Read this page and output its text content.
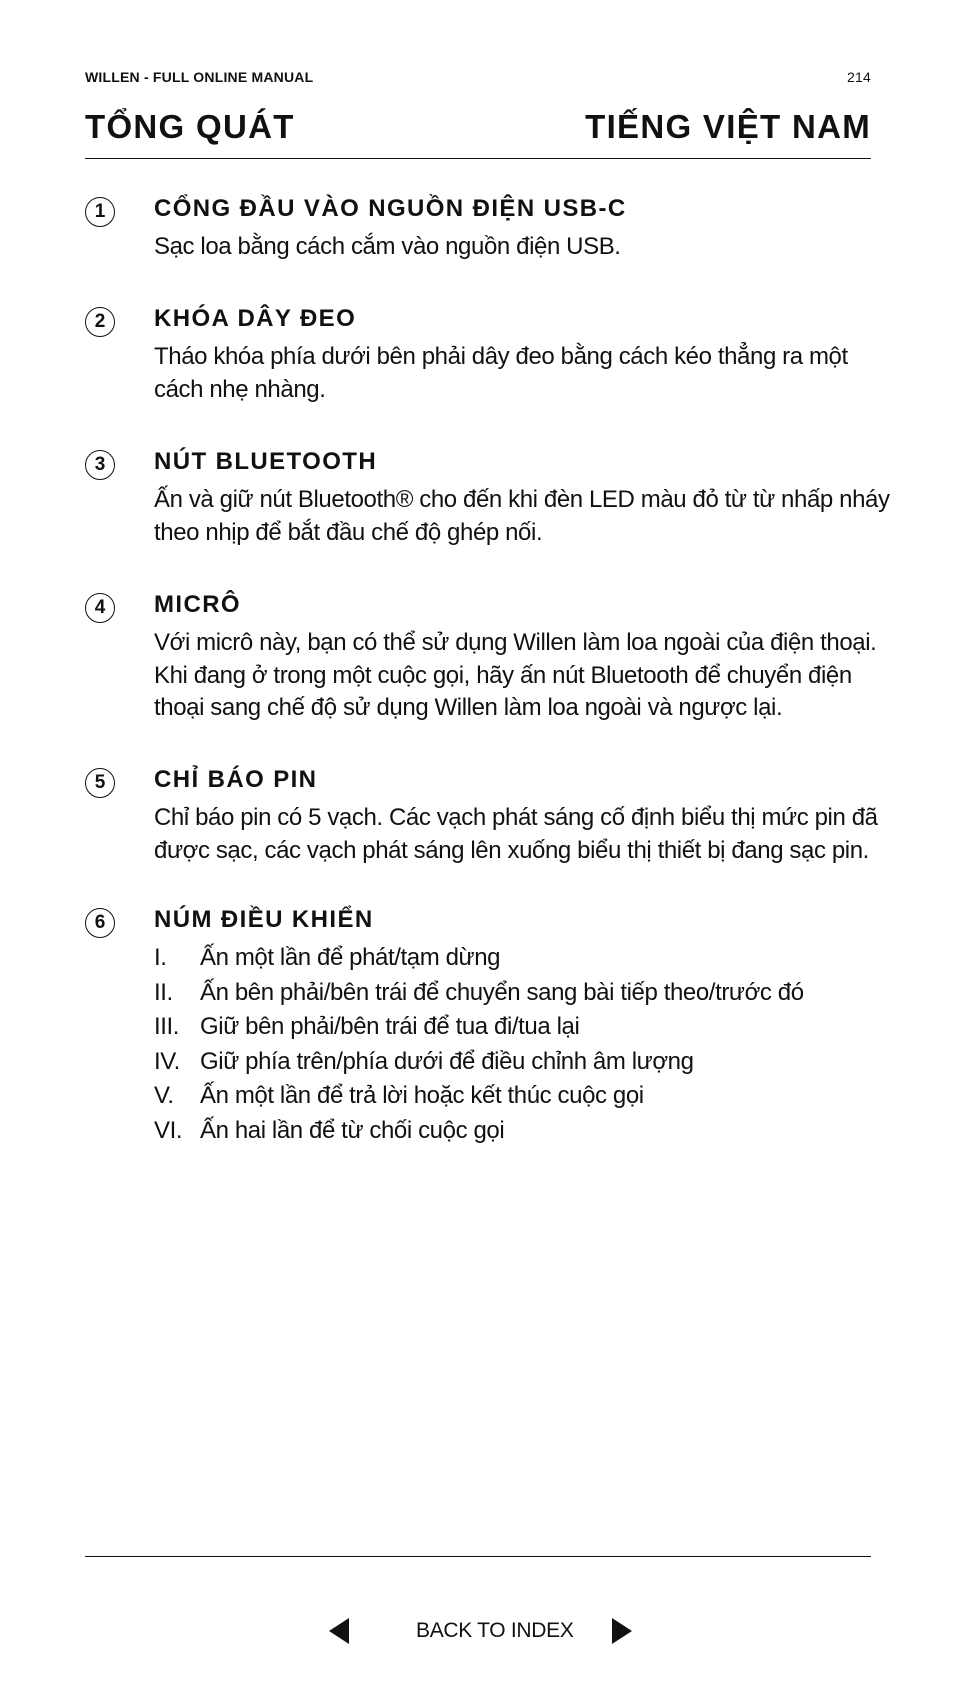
WILLEN - FULL ONLINE MANUAL	214
TỔNG QUÁT	TIẾNG VIỆT NAM
1	CỔNG ĐẦU VÀO NGUỒN ĐIỆN USB-C
Sạc loa bằng cách cắm vào nguồn điện USB.
2	KHÓA DÂY ĐEO
Tháo khóa phía dưới bên phải dây đeo bằng cách kéo thẳng ra một
cách nhẹ nhàng.
3	NÚT BLUETOOTH
Ấn và giữ nút Bluetooth® cho đến khi đèn LED màu đỏ từ từ nhấp nháy
theo nhịp để bắt đầu chế độ ghép nối.
4	MICRÔ
Với micrô này, bạn có thể sử dụng Willen làm loa ngoài của điện thoại.
Khi đang ở trong một cuộc gọi, hãy ấn nút Bluetooth để chuyển điện
thoại sang chế độ sử dụng Willen làm loa ngoài và ngược lại.
5	CHỈ BÁO PIN
Chỉ báo pin có 5 vạch. Các vạch phát sáng cố định biểu thị mức pin đã
được sạc, các vạch phát sáng lên xuống biểu thị thiết bị đang sạc pin.
6	NÚM ĐIỀU KHIỂN
I.	Ấn một lần để phát/tạm dừng
II.	Ấn bên phải/bên trái để chuyển sang bài tiếp theo/trước đó
III. Giữ bên phải/bên trái để tua đi/tua lại
IV. Giữ phía trên/phía dưới để điều chỉnh âm lượng
V.	Ấn một lần để trả lời hoặc kết thúc cuộc gọi
VI. Ấn hai lần để từ chối cuộc gọi
BACK TO INDEX
